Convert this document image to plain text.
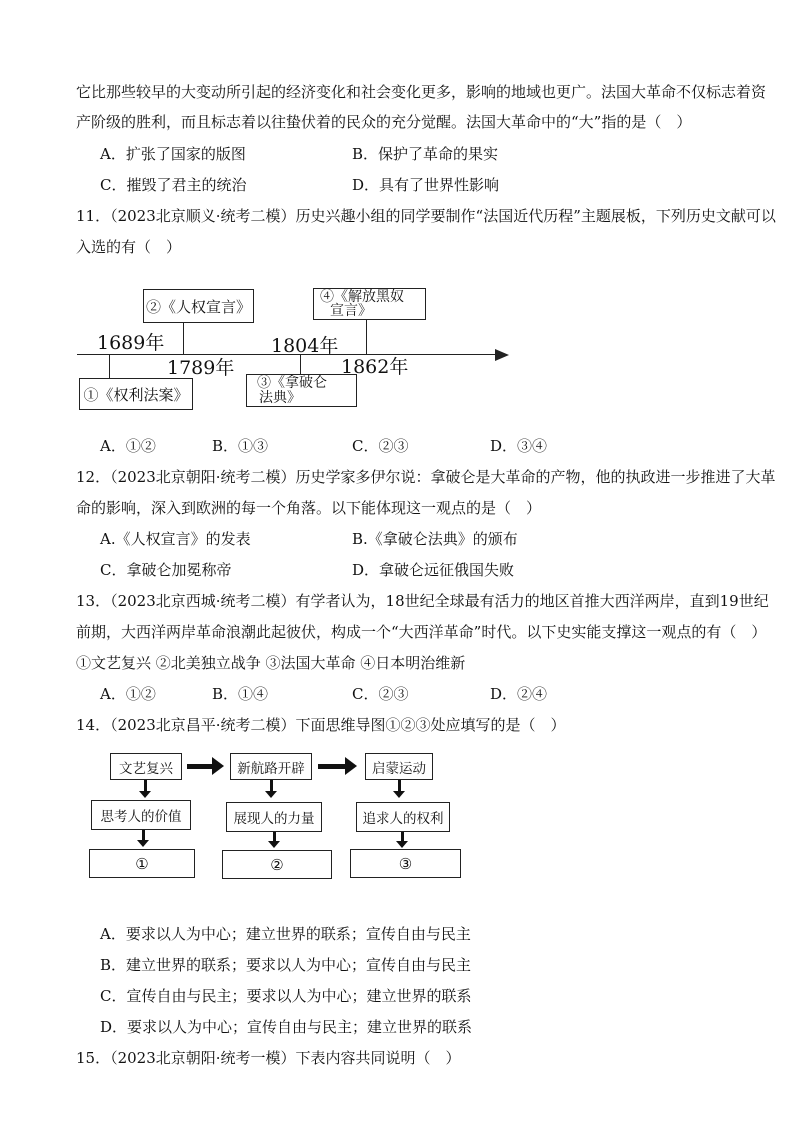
它比那些较早的大变动所引起的经济变化和社会变化更多，影响的地域也更广。法国大革命不仅标志着资
产阶级的胜利，而且标志着以往蛰伏着的民众的充分觉醒。法国大革命中的“大”指的是（　）
A．扩张了国家的版图	B．保护了革命的果实
C．摧毁了君主的统治	D．具有了世界性影响
11．（2023北京顺义·统考二模）历史兴趣小组的同学要制作“法国近代历程”主题展板，下列历史文献可以
入选的有（　）
②《人权宣言》
④《解放黑奴
宣言》
①《权利法案》
③《拿破仑
法典》
1689年
1789年
1804年
1862年
A．①②	B．①③	C．②③	D．③④
12．（2023北京朝阳·统考二模）历史学家多伊尔说：拿破仑是大革命的产物，他的执政进一步推进了大革
命的影响，深入到欧洲的每一个角落。以下能体现这一观点的是（　）
A.《人权宣言》的发表	B.《拿破仑法典》的颁布
C．拿破仑加冕称帝	D．拿破仑远征俄国失败
13．（2023北京西城·统考二模）有学者认为，18世纪全球最有活力的地区首推大西洋两岸，直到19世纪
前期，大西洋两岸革命浪潮此起彼伏，构成一个“大西洋革命”时代。以下史实能支撑这一观点的有（　）
①文艺复兴 ②北美独立战争 ③法国大革命 ④日本明治维新
A．①②	B．①④	C．②③	D．②④
14．（2023北京昌平·统考二模）下面思维导图①②③处应填写的是（　）
文艺复兴	新航路开辟	启蒙运动
思考人的价值	展现人的力量	追求人的权利
①	②	③
A．要求以人为中心；建立世界的联系；宣传自由与民主
B．建立世界的联系；要求以人为中心；宣传自由与民主
C．宣传自由与民主；要求以人为中心；建立世界的联系
D．要求以人为中心；宣传自由与民主；建立世界的联系
15．（2023北京朝阳·统考一模）下表内容共同说明（　）
